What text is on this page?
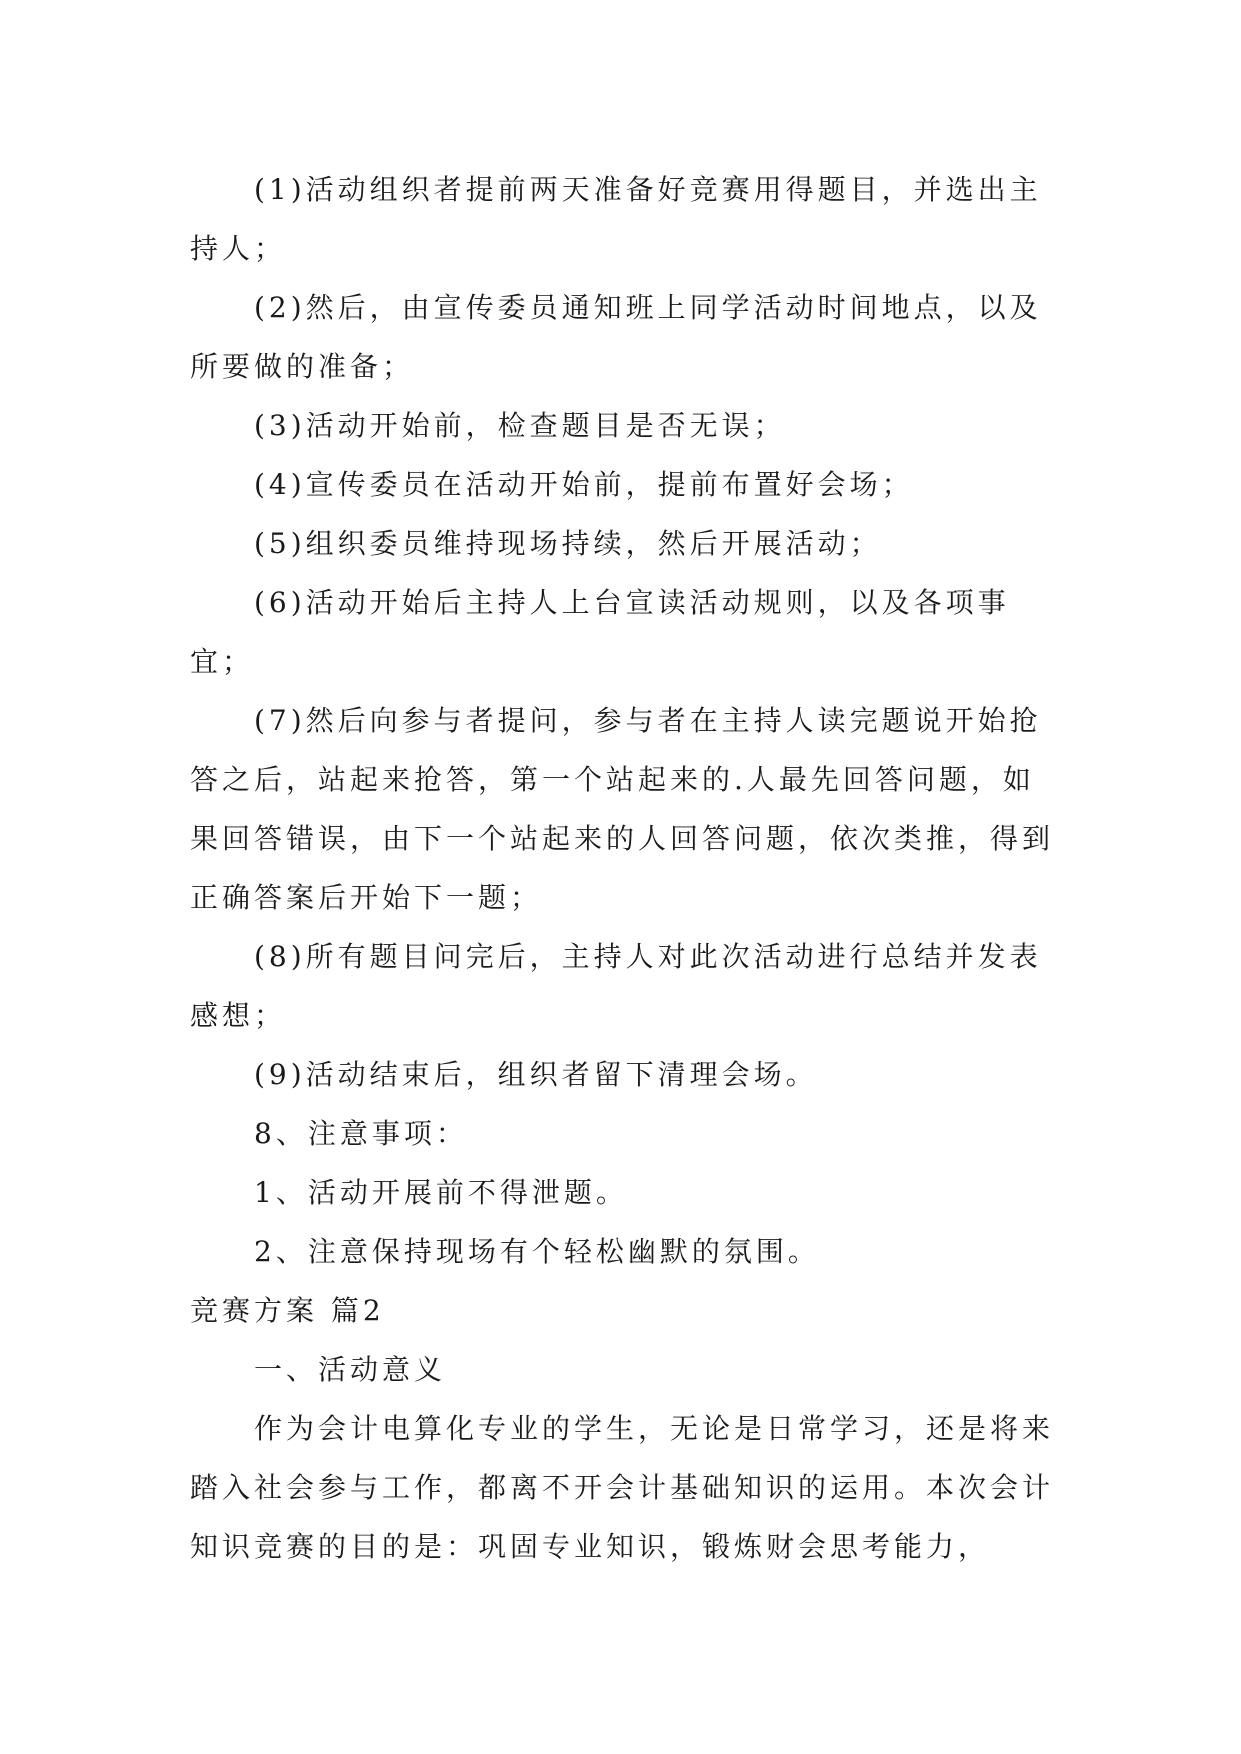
(1)活动组织者提前两天准备好竞赛用得题目，并选出主持人；

(2)然后，由宣传委员通知班上同学活动时间地点，以及所要做的准备；

(3)活动开始前，检查题目是否无误；

(4)宣传委员在活动开始前，提前布置好会场；

(5)组织委员维持现场持续，然后开展活动；

(6)活动开始后主持人上台宣读活动规则，以及各项事宜；

(7)然后向参与者提问，参与者在主持人读完题说开始抢答之后，站起来抢答，第一个站起来的.人最先回答问题，如果回答错误，由下一个站起来的人回答问题，依次类推，得到正确答案后开始下一题；

(8)所有题目问完后，主持人对此次活动进行总结并发表感想；

(9)活动结束后，组织者留下清理会场。

8、注意事项：

1、活动开展前不得泄题。

2、注意保持现场有个轻松幽默的氛围。

竞赛方案 篇2

一、活动意义

作为会计电算化专业的学生，无论是日常学习，还是将来踏入社会参与工作，都离不开会计基础知识的运用。本次会计知识竞赛的目的是：巩固专业知识，锻炼财会思考能力，
